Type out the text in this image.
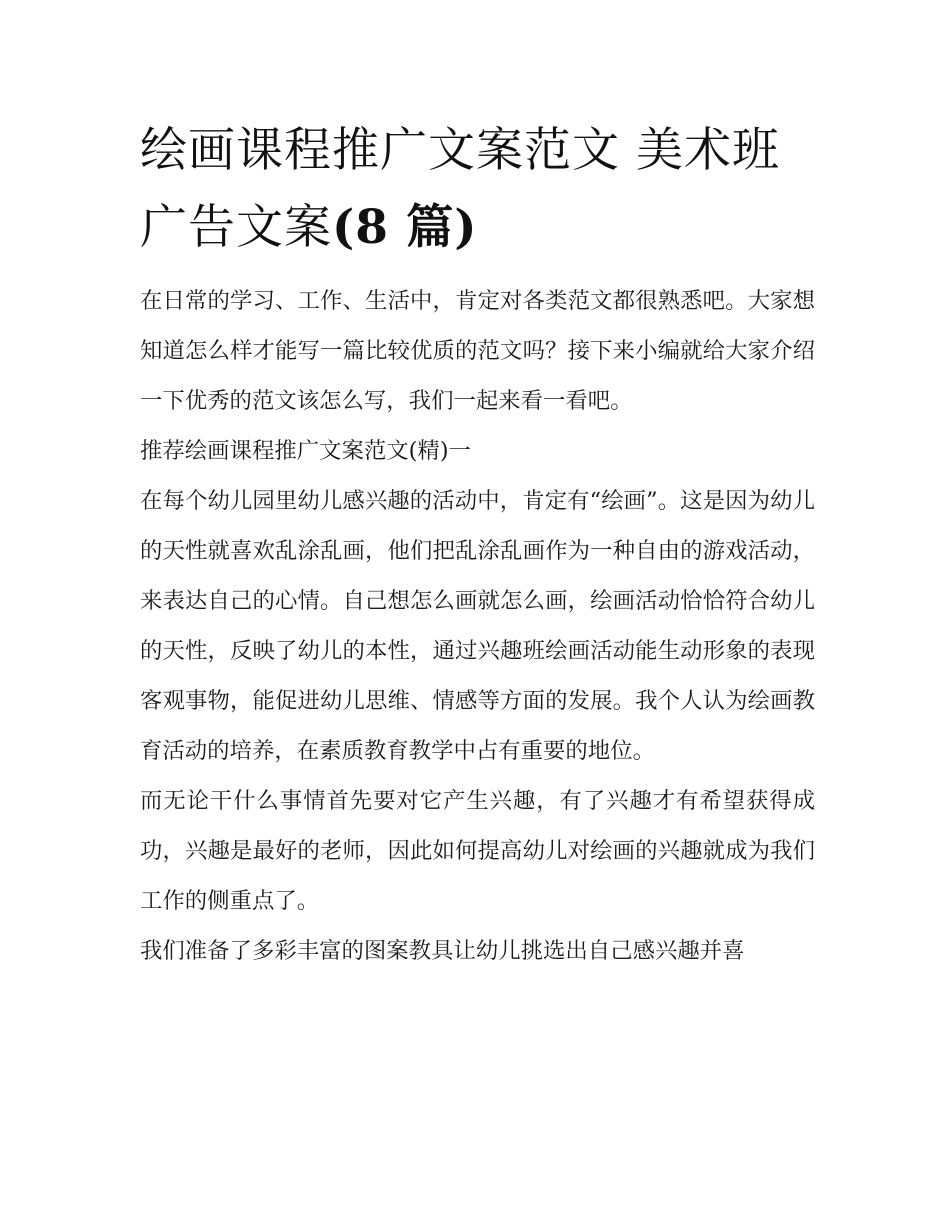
绘画课程推广文案范文 美术班广告文案(8 篇)

在日常的学习、工作、生活中，肯定对各类范文都很熟悉吧。大家想知道怎么样才能写一篇比较优质的范文吗？接下来小编就给大家介绍一下优秀的范文该怎么写，我们一起来看一看吧。

推荐绘画课程推广文案范文(精)一

在每个幼儿园里幼儿感兴趣的活动中，肯定有“绘画”。这是因为幼儿的天性就喜欢乱涂乱画，他们把乱涂乱画作为一种自由的游戏活动，来表达自己的心情。自己想怎么画就怎么画，绘画活动恰恰符合幼儿的天性，反映了幼儿的本性，通过兴趣班绘画活动能生动形象的表现客观事物，能促进幼儿思维、情感等方面的发展。我个人认为绘画教育活动的培养，在素质教育教学中占有重要的地位。

而无论干什么事情首先要对它产生兴趣，有了兴趣才有希望获得成功，兴趣是最好的老师，因此如何提高幼儿对绘画的兴趣就成为我们工作的侧重点了。

我们准备了多彩丰富的图案教具让幼儿挑选出自己感兴趣并喜
